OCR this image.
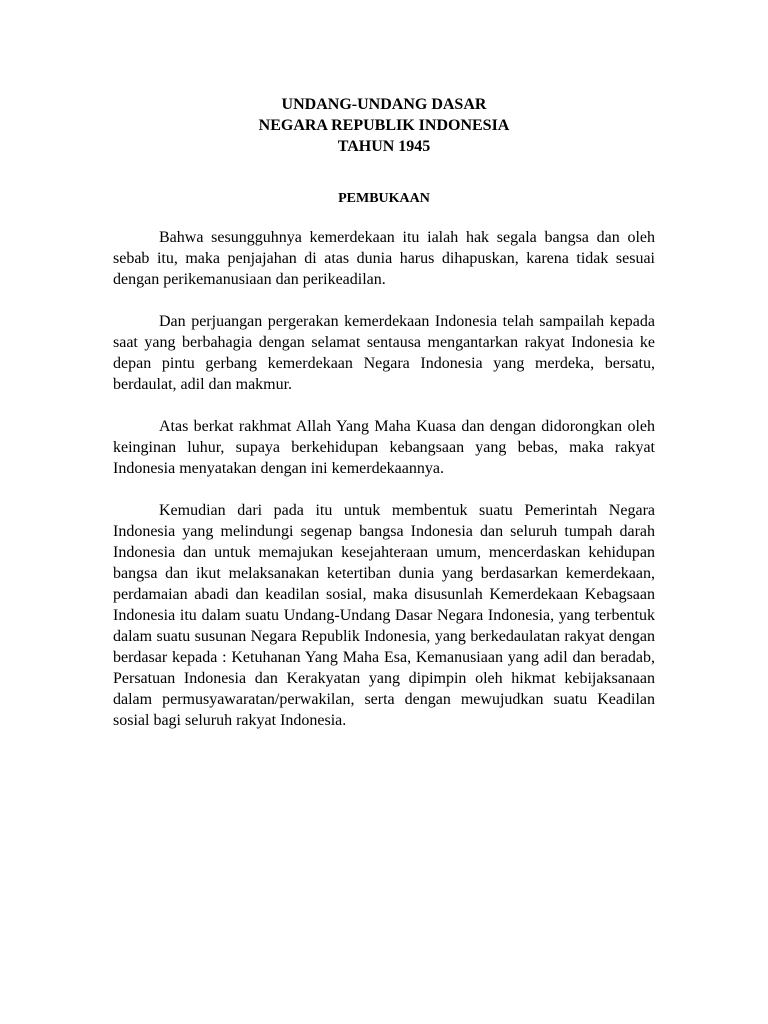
UNDANG-UNDANG DASAR
NEGARA REPUBLIK INDONESIA
TAHUN 1945
PEMBUKAAN

Bahwa sesungguhnya kemerdekaan itu ialah hak segala bangsa dan oleh sebab itu, maka penjajahan di atas dunia harus dihapuskan, karena tidak sesuai dengan perikemanusiaan dan perikeadilan.

Dan perjuangan pergerakan kemerdekaan Indonesia telah sampailah kepada saat yang berbahagia dengan selamat sentausa mengantarkan rakyat Indonesia ke depan pintu gerbang kemerdekaan Negara Indonesia yang merdeka, bersatu, berdaulat, adil dan makmur.

Atas berkat rakhmat Allah Yang Maha Kuasa dan dengan didorongkan oleh keinginan luhur, supaya berkehidupan kebangsaan yang bebas, maka rakyat Indonesia menyatakan dengan ini kemerdekaannya.

Kemudian dari pada itu untuk membentuk suatu Pemerintah Negara Indonesia yang melindungi segenap bangsa Indonesia dan seluruh tumpah darah Indonesia dan untuk memajukan kesejahteraan umum, mencerdaskan kehidupan bangsa dan ikut melaksanakan ketertiban dunia yang berdasarkan kemerdekaan, perdamaian abadi dan keadilan sosial, maka disusunlah Kemerdekaan Kebagsaan Indonesia itu dalam suatu Undang-Undang Dasar Negara Indonesia, yang terbentuk dalam suatu susunan Negara Republik Indonesia, yang berkedaulatan rakyat dengan berdasar kepada : Ketuhanan Yang Maha Esa, Kemanusiaan yang adil dan beradab, Persatuan Indonesia dan Kerakyatan yang dipimpin oleh hikmat kebijaksanaan dalam permusyawaratan/perwakilan, serta dengan mewujudkan suatu Keadilan sosial bagi seluruh rakyat Indonesia.
